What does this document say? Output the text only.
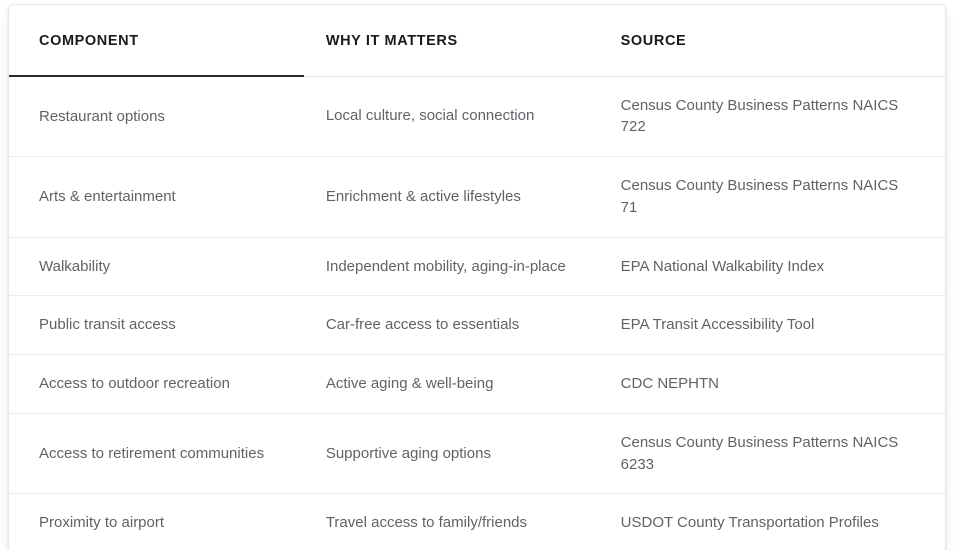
COMPONENT	WHY IT MATTERS	SOURCE
Restaurant options	Local culture, social connection	Census County Business Patterns NAICS 722
Arts & entertainment	Enrichment & active lifestyles	Census County Business Patterns NAICS 71
Walkability	Independent mobility, aging-in-place	EPA National Walkability Index
Public transit access	Car-free access to essentials	EPA Transit Accessibility Tool
Access to outdoor recreation	Active aging & well-being	CDC NEPHTN
Access to retirement communities	Supportive aging options	Census County Business Patterns NAICS 6233
Proximity to airport	Travel access to family/friends	USDOT County Transportation Profiles
